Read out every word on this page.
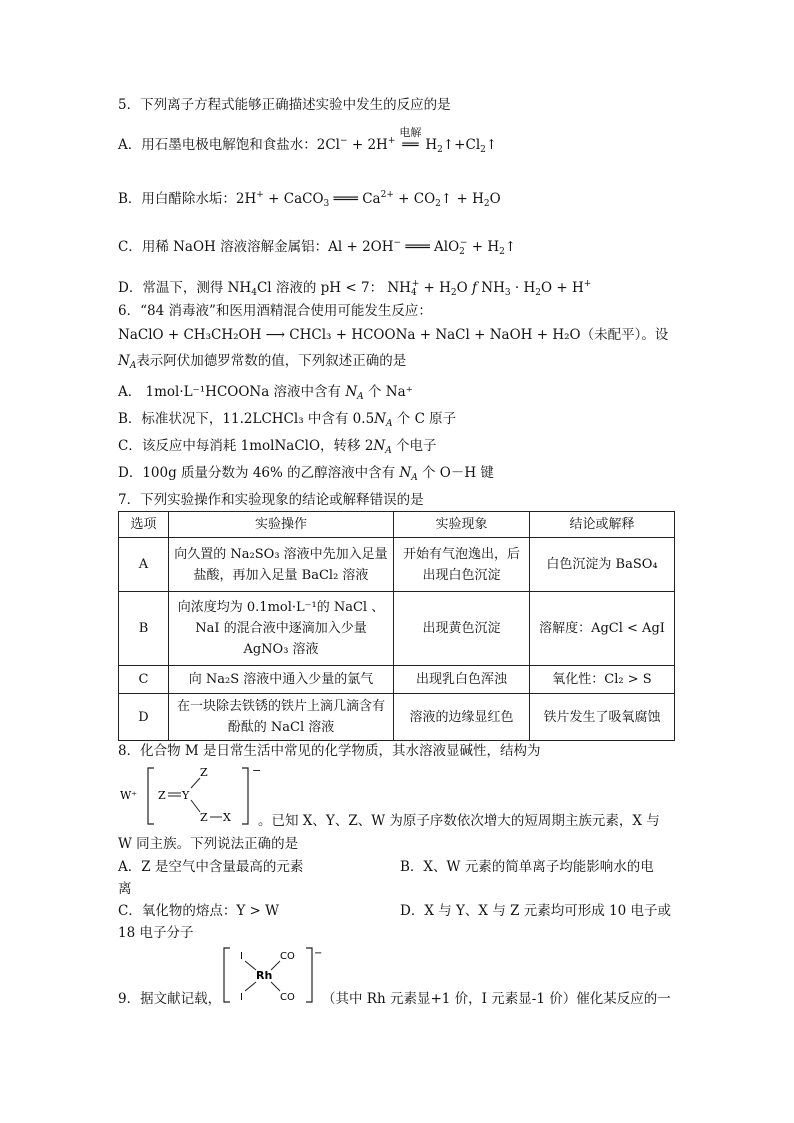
5．下列离子方程式能够正确描述实验中发生的反应的是
A．用石墨电极电解饱和食盐水：2Cl− + 2H+
电解
══ $H_2↑+Cl_2↑$
B．用白醋除水垢：2H+ + CaCO$_3$ ═══ $Ca^{2+}$ + $CO_2↑ + H_2O$
C．用稀 NaOH 溶液溶解金属铝：Al + 2OH− ═══ $AlO_2^- + H_2↑$
D．常温下，测得 $NH_4Cl$ 溶液的 pH < 7： $NH_4^+ + H_2O$ f $NH_3 \cdot H_2O + H^+$
6．“84 消毒液”和医用酒精混合使用可能发生反应：
NaClO + CH₃CH₂OH ⟶ CHCl₃ + HCOONa + NaCl + NaOH + H₂O（未配平）。设
$N_A$表示阿伏加德罗常数的值，下列叙述正确的是
A． 1mol·L⁻¹HCOONa 溶液中含有 $N_A$ 个 Na⁺
B．标准状况下，11.2LCHCl₃ 中含有 $0.5N_A$ 个 C 原子
C．该反应中每消耗 1molNaClO，转移 $2N_A$ 个电子
D．100g 质量分数为 46% 的乙醇溶液中含有 $N_A$ 个 O－H 键
7．下列实验操作和实验现象的结论或解释错误的是
选项	实验操作	实验现象	结论或解释
A	向久置的 Na₂SO₃ 溶液中先加入足量盐酸，再加入足量 BaCl₂ 溶液	开始有气泡逸出，后出现白色沉淀	白色沉淀为 BaSO₄
B	向浓度均为 0.1mol·L⁻¹的 NaCl 、NaI 的混合液中逐滴加入少量 AgNO₃ 溶液	出现黄色沉淀	溶解度：AgCl < AgI
C	向 Na₂S 溶液中通入少量的氯气	出现乳白色浑浊	氧化性：Cl₂ > S
D	在一块除去铁锈的铁片上滴几滴含有酚酞的 NaCl 溶液	溶液的边缘显红色	铁片发生了吸氧腐蚀
8．化合物 M 是日常生活中常见的化学物质，其水溶液显碱性，结构为
W⁺
−
Z
Z Y
Z X 。已知 X、Y、Z、W 为原子序数依次增大的短周期主族元素，X 与
W 同主族。下列说法正确的是
A．Z 是空气中含量最高的元素	B．X、W 元素的简单离子均能影响水的电
离
C．氧化物的熔点：Y > W	D．X 与 Y、X 与 Z 元素均可形成 10 电子或
18 电子分子
−
I	CO
Rh
I	CO
9．据文献记载，	（其中 Rh 元素显+1 价，I 元素显-1 价）催化某反应的一
